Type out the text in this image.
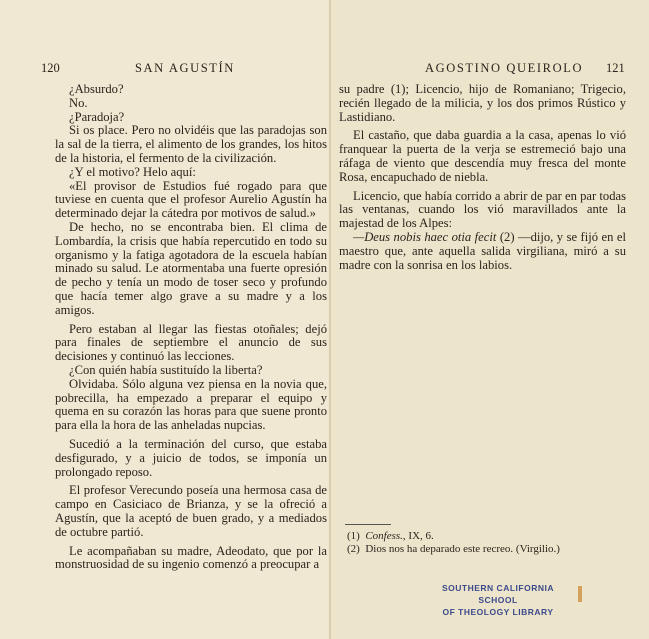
120	SAN AGUSTÍN

¿Absurdo?

No.

¿Paradoja?

Si os place. Pero no olvidéis que las paradojas son la sal de la tierra, el alimento de los grandes, los hitos de la historia, el fermento de la civilización.

¿Y el motivo? Helo aquí:

«El provisor de Estudios fué rogado para que tuviese en cuenta que el profesor Aurelio Agustín ha determinado dejar la cátedra por motivos de salud.»

De hecho, no se encontraba bien. El clima de Lombardía, la crisis que había repercutido en todo su organismo y la fatiga agotadora de la escuela habían minado su salud. Le atormentaba una fuerte opresión de pecho y tenía un modo de toser seco y profundo que hacía temer algo grave a su madre y a los amigos.

Pero estaban al llegar las fiestas otoñales; dejó para finales de septiembre el anuncio de sus decisiones y continuó las lecciones.

¿Con quién había sustituído la liberta?

Olvidaba. Sólo alguna vez piensa en la novia que, pobrecilla, ha empezado a preparar el equipo y quema en su corazón las horas para que suene pronto para ella la hora de las anheladas nupcias.

Sucedió a la terminación del curso, que estaba desfigurado, y a juicio de todos, se imponía un prolongado reposo.

El profesor Verecundo poseía una hermosa casa de campo en Casiciaco de Brianza, y se la ofreció a Agustín, que la aceptó de buen grado, y a mediados de octubre partió.

Le acompañaban su madre, Adeodato, que por la monstruosidad de su ingenio comenzó a preocupar a

AGOSTINO QUEIROLO 121

su padre (1); Licencio, hijo de Romaniano; Trigecio, recién llegado de la milicia, y los dos primos Rústico y Lastidiano.

El castaño, que daba guardia a la casa, apenas lo vió franquear la puerta de la verja se estremeció bajo una ráfaga de viento que descendía muy fresca del monte Rosa, encapuchado de niebla.

Licencio, que había corrido a abrir de par en par todas las ventanas, cuando los vió maravillados ante la majestad de los Alpes:

—Deus nobis haec otia fecit (2) —dijo, y se fijó en el maestro que, ante aquella salida virgiliana, miró a su madre con la sonrisa en los labios.

(1) Confess., IX, 6.
(2) Dios nos ha deparado este recreo. (Virgilio.)
SOUTHERN CALIFORNIA SCHOOL
OF THEOLOGY LIBRARY
